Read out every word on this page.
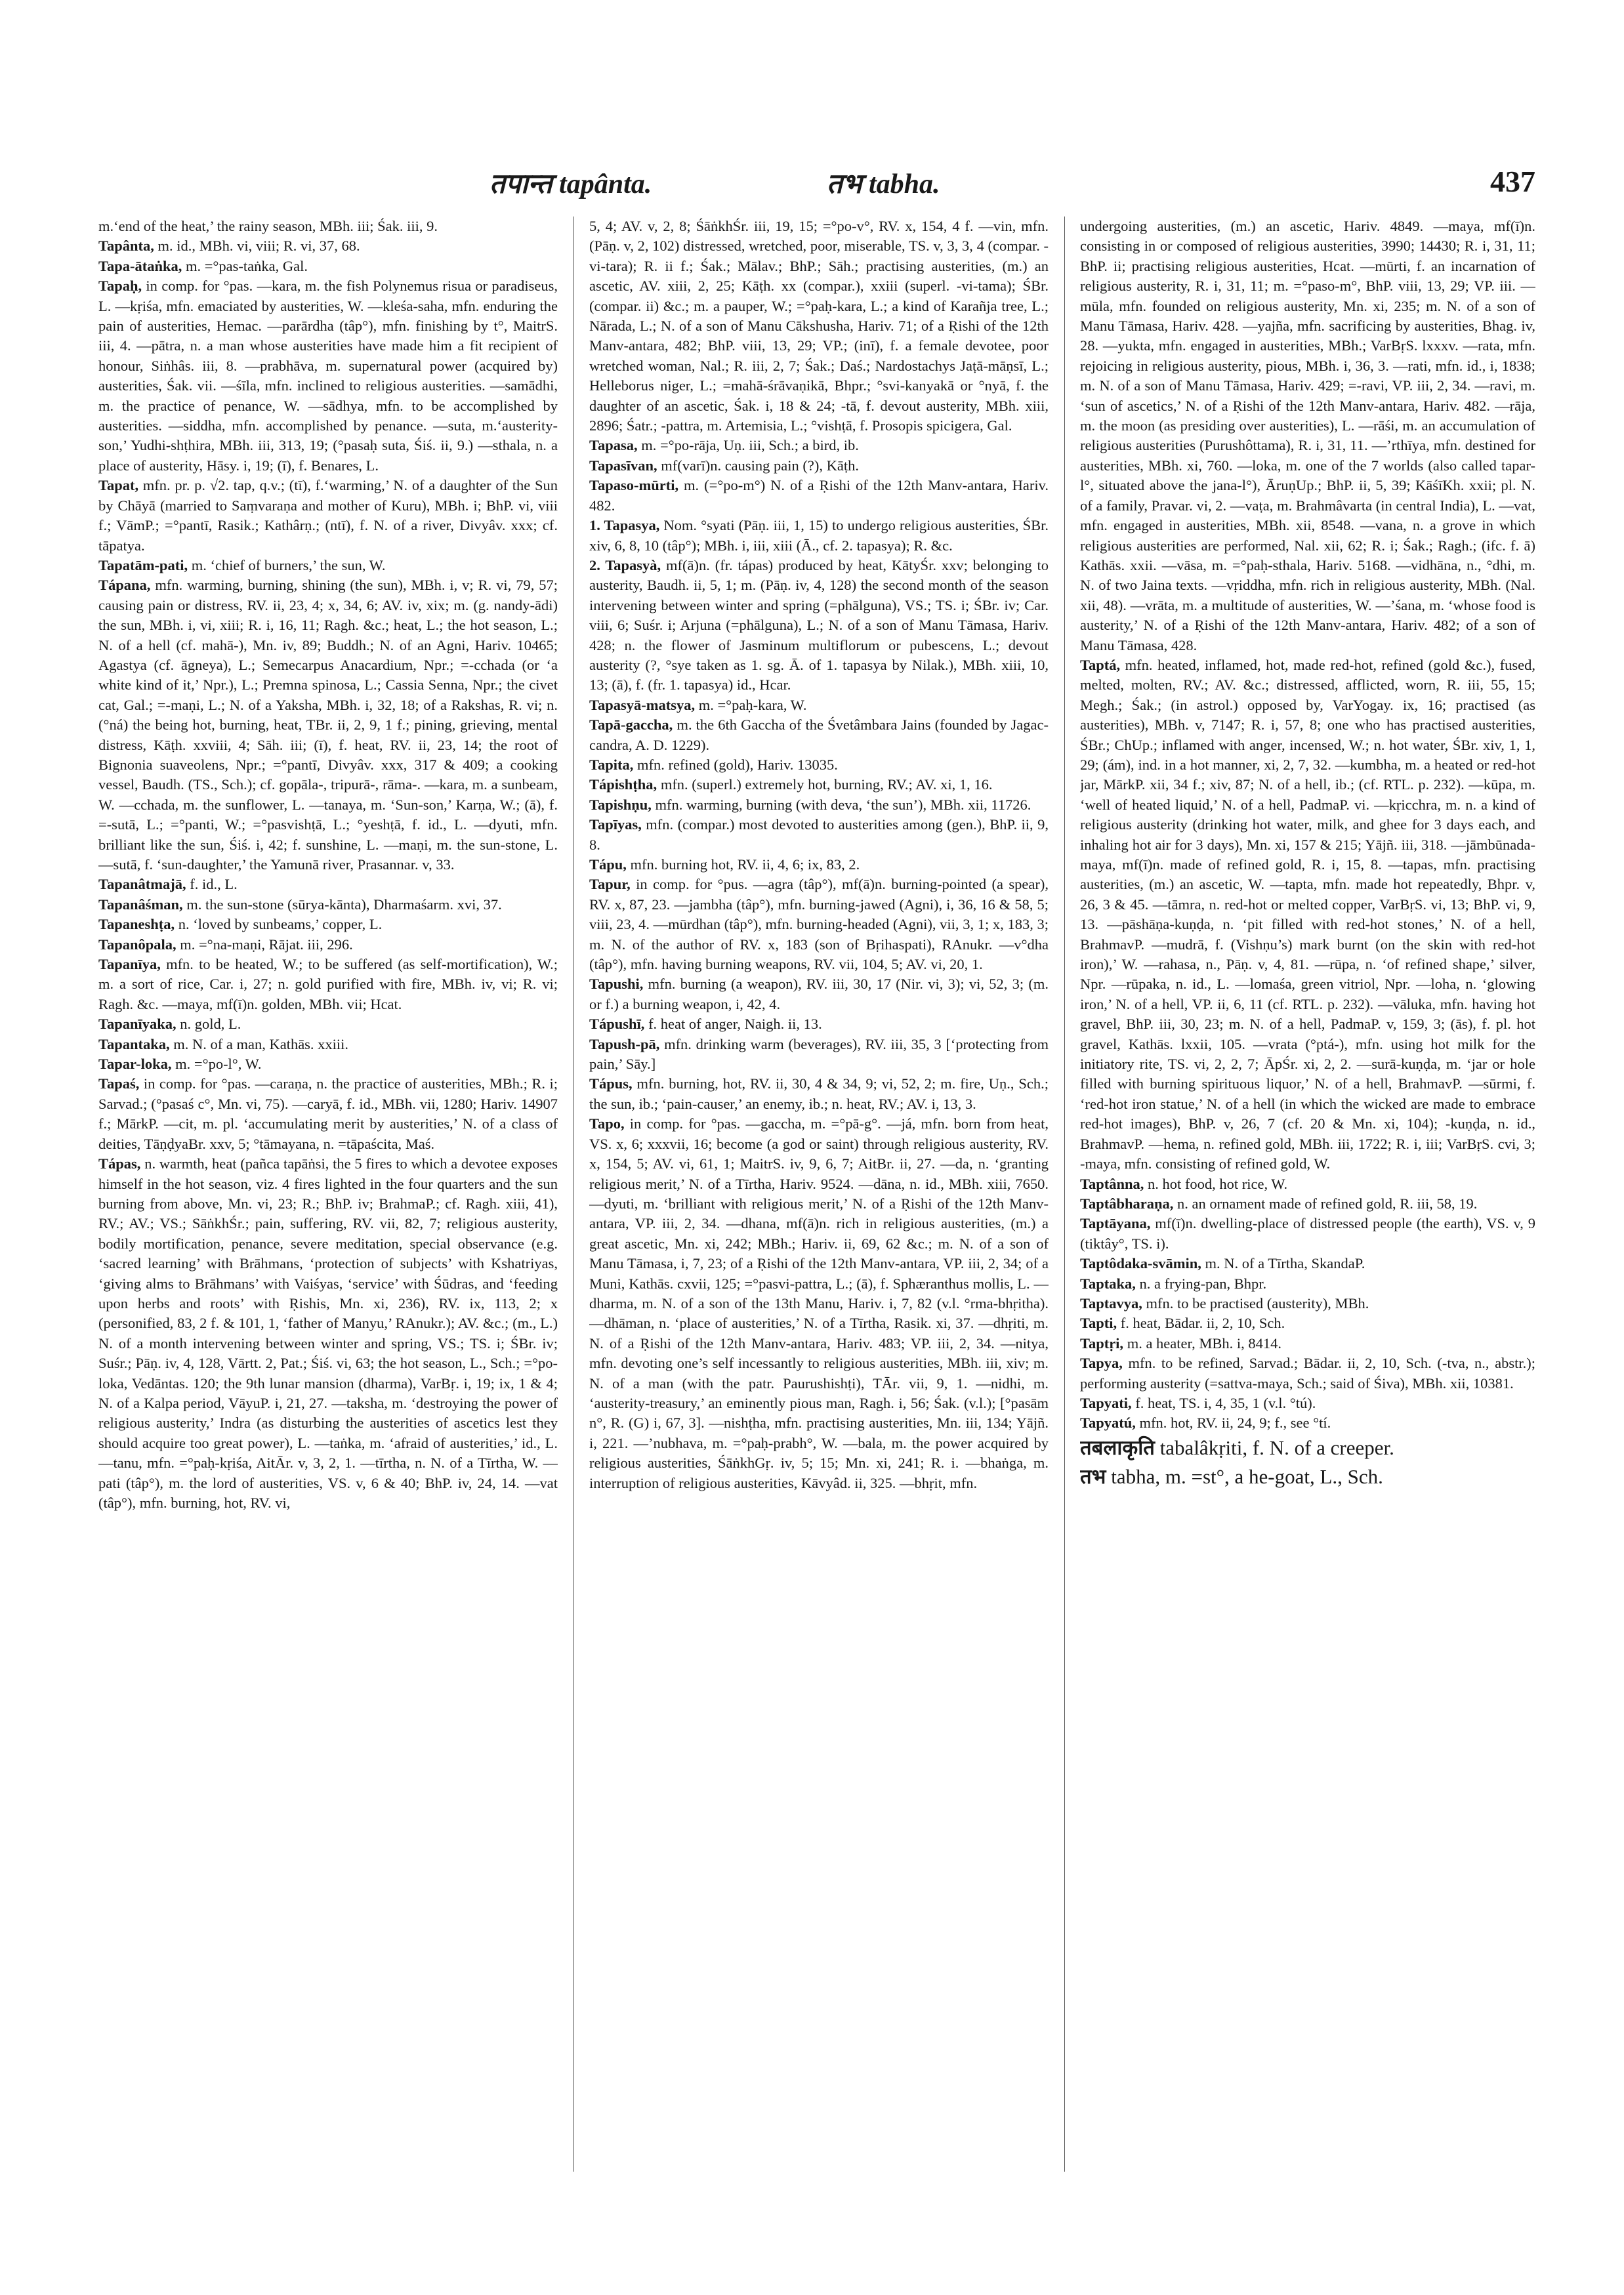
तपान्त tapânta.	तभ tabha.	437

m.‘end of the heat,’ the rainy season, MBh. iii; Śak. iii, 9.

Tapânta, m. id., MBh. vi, viii; R. vi, 37, 68.

Tapa-ātaṅka, m. =°pas-taṅka, Gal.

Tapaḥ, in comp. for °pas. —kara, m. the fish Polynemus risua or paradiseus, L. —kṛiśa, mfn. emaciated by austerities, W. —kleśa-saha, mfn. enduring the pain of austerities, Hemac. —parārdha (tâp°), mfn. finishing by t°, MaitrS. iii, 4. —pātra, n. a man whose austerities have made him a fit recipient of honour, Siṅhâs. iii, 8. —prabhāva, m. supernatural power (acquired by) austerities, Śak. vii. —śīla, mfn. inclined to religious austerities. —samādhi, m. the practice of penance, W. —sādhya, mfn. to be accomplished by austerities. —siddha, mfn. accomplished by penance. —suta, m.‘austerity-son,’ Yudhi-shṭhira, MBh. iii, 313, 19; (°pasaḥ suta, Śiś. ii, 9.) —sthala, n. a place of austerity, Hāsy. i, 19; (ī), f. Benares, L.

Tapat, mfn. pr. p. √2. tap, q.v.; (tī), f.‘warming,’ N. of a daughter of the Sun by Chāyā (married to Saṃvaraṇa and mother of Kuru), MBh. i; BhP. vi, viii f.; VāmP.; =°pantī, Rasik.; Kathârṇ.; (ntī), f. N. of a river, Divyâv. xxx; cf. tāpatya.

Tapatām-pati, m. ‘chief of burners,’ the sun, W.

Tápana, mfn. warming, burning, shining (the sun), MBh. i, v; R. vi, 79, 57; causing pain or distress, RV. ii, 23, 4; x, 34, 6; AV. iv, xix; m. (g. nandy-ādi) the sun, MBh. i, vi, xiii; R. i, 16, 11; Ragh. &c.; heat, L.; the hot season, L.; N. of a hell (cf. mahā-), Mn. iv, 89; Buddh.; N. of an Agni, Hariv. 10465; Agastya (cf. āgneya), L.; Semecarpus Anacardium, Npr.; =-cchada (or ‘a white kind of it,’ Npr.), L.; Premna spinosa, L.; Cassia Senna, Npr.; the civet cat, Gal.; =-maṇi, L.; N. of a Yaksha, MBh. i, 32, 18; of a Rakshas, R. vi; n. (°ná) the being hot, burning, heat, TBr. ii, 2, 9, 1 f.; pining, grieving, mental distress, Kāṭh. xxviii, 4; Sāh. iii; (ī), f. heat, RV. ii, 23, 14; the root of Bignonia suaveolens, Npr.; =°pantī, Divyâv. xxx, 317 & 409; a cooking vessel, Baudh. (TS., Sch.); cf. gopāla-, tripurā-, rāma-. —kara, m. a sunbeam, W. —cchada, m. the sunflower, L. —tanaya, m. ‘Sun-son,’ Karṇa, W.; (ā), f. =-sutā, L.; =°panti, W.; =°pasvishṭā, L.; °yeshṭā, f. id., L. —dyuti, mfn. brilliant like the sun, Śiś. i, 42; f. sunshine, L. —maṇi, m. the sun-stone, L. —sutā, f. ‘sun-daughter,’ the Yamunā river, Prasannar. v, 33.

Tapanâtmajā, f. id., L.

Tapanâśman, m. the sun-stone (sūrya-kānta), Dharmaśarm. xvi, 37.

Tapaneshṭa, n. ‘loved by sunbeams,’ copper, L.

Tapanôpala, m. =°na-maṇi, Rājat. iii, 296.

Tapanīya, mfn. to be heated, W.; to be suffered (as self-mortification), W.; m. a sort of rice, Car. i, 27; n. gold purified with fire, MBh. iv, vi; R. vi; Ragh. &c. —maya, mf(ī)n. golden, MBh. vii; Hcat.

Tapanīyaka, n. gold, L.

Tapantaka, m. N. of a man, Kathās. xxiii.

Tapar-loka, m. =°po-l°, W.

Tapaś, in comp. for °pas. —caraṇa, n. the practice of austerities, MBh.; R. i; Sarvad.; (°pasaś c°, Mn. vi, 75). —caryā, f. id., MBh. vii, 1280; Hariv. 14907 f.; MārkP. —cit, m. pl. ‘accumulating merit by austerities,’ N. of a class of deities, TāṇḍyaBr. xxv, 5; °tāmayana, n. =tāpaścita, Maś.

Tápas, n. warmth, heat (pañca tapāṅsi, the 5 fires to which a devotee exposes himself in the hot season, viz. 4 fires lighted in the four quarters and the sun burning from above, Mn. vi, 23; R.; BhP. iv; BrahmaP.; cf. Ragh. xiii, 41), RV.; AV.; VS.; SāṅkhŚr.; pain, suffering, RV. vii, 82, 7; religious austerity, bodily mortification, penance, severe meditation, special observance (e.g. ‘sacred learning’ with Brāhmans, ‘protection of subjects’ with Kshatriyas, ‘giving alms to Brāhmans’ with Vaiśyas, ‘service’ with Śūdras, and ‘feeding upon herbs and roots’ with Ṛishis, Mn. xi, 236), RV. ix, 113, 2; x (personified, 83, 2 f. & 101, 1, ‘father of Manyu,’ RAnukr.); AV. &c.; (m., L.) N. of a month intervening between winter and spring, VS.; TS. i; ŚBr. iv; Suśr.; Pāṇ. iv, 4, 128, Vārtt. 2, Pat.; Śiś. vi, 63; the hot season, L., Sch.; =°po-loka, Vedāntas. 120; the 9th lunar mansion (dharma), VarBṛ. i, 19; ix, 1 & 4; N. of a Kalpa period, VāyuP. i, 21, 27. —taksha, m. ‘destroying the power of religious austerity,’ Indra (as disturbing the austerities of ascetics lest they should acquire too great power), L. —taṅka, m. ‘afraid of austerities,’ id., L. —tanu, mfn. =°paḥ-kṛiśa, AitĀr. v, 3, 2, 1. —tīrtha, n. N. of a Tīrtha, W. —pati (tâp°), m. the lord of austerities, VS. v, 6 & 40; BhP. iv, 24, 14. —vat (tâp°), mfn. burning, hot, RV. vi,

5, 4; AV. v, 2, 8; ŚāṅkhŚr. iii, 19, 15; =°po-v°, RV. x, 154, 4 f. —vin, mfn. (Pāṇ. v, 2, 102) distressed, wretched, poor, miserable, TS. v, 3, 3, 4 (compar. -vi-tara); R. ii f.; Śak.; Mālav.; BhP.; Sāh.; practising austerities, (m.) an ascetic, AV. xiii, 2, 25; Kāṭh. xx (compar.), xxiii (superl. -vi-tama); ŚBr. (compar. ii) &c.; m. a pauper, W.; =°paḥ-kara, L.; a kind of Karañja tree, L.; Nārada, L.; N. of a son of Manu Cākshusha, Hariv. 71; of a Ṛishi of the 12th Manv-antara, 482; BhP. viii, 13, 29; VP.; (inī), f. a female devotee, poor wretched woman, Nal.; R. iii, 2, 7; Śak.; Daś.; Nardostachys Jaṭā-māṇsī, L.; Helleborus niger, L.; =mahā-śrāvaṇikā, Bhpr.; °svi-kanyakā or °nyā, f. the daughter of an ascetic, Śak. i, 18 & 24; -tā, f. devout austerity, MBh. xiii, 2896; Śatr.; -pattra, m. Artemisia, L.; °vishṭā, f. Prosopis spicigera, Gal.

Tapasa, m. =°po-rāja, Uṇ. iii, Sch.; a bird, ib.

Tapasīvan, mf(varī)n. causing pain (?), Kāṭh.

Tapaso-mūrti, m. (=°po-m°) N. of a Ṛishi of the 12th Manv-antara, Hariv. 482.

1. Tapasya, Nom. °syati (Pāṇ. iii, 1, 15) to undergo religious austerities, ŚBr. xiv, 6, 8, 10 (tâp°); MBh. i, iii, xiii (Ā., cf. 2. tapasya); R. &c.

2. Tapasyà, mf(ā)n. (fr. tápas) produced by heat, KātyŚr. xxv; belonging to austerity, Baudh. ii, 5, 1; m. (Pāṇ. iv, 4, 128) the second month of the season intervening between winter and spring (=phālguna), VS.; TS. i; ŚBr. iv; Car. viii, 6; Suśr. i; Arjuna (=phālguna), L.; N. of a son of Manu Tāmasa, Hariv. 428; n. the flower of Jasminum multiflorum or pubescens, L.; devout austerity (?, °sye taken as 1. sg. Ā. of 1. tapasya by Nilak.), MBh. xiii, 10, 13; (ā), f. (fr. 1. tapasya) id., Hcar.

Tapasyā-matsya, m. =°paḥ-kara, W.

Tapā-gaccha, m. the 6th Gaccha of the Śvetâmbara Jains (founded by Jagac-candra, A. D. 1229).

Tapita, mfn. refined (gold), Hariv. 13035.

Tápishṭha, mfn. (superl.) extremely hot, burning, RV.; AV. xi, 1, 16.

Tapishṇu, mfn. warming, burning (with deva, ‘the sun’), MBh. xii, 11726.

Tapīyas, mfn. (compar.) most devoted to austerities among (gen.), BhP. ii, 9, 8.

Tápu, mfn. burning hot, RV. ii, 4, 6; ix, 83, 2.

Tapur, in comp. for °pus. —agra (tâp°), mf(ā)n. burning-pointed (a spear), RV. x, 87, 23. —jambha (tâp°), mfn. burning-jawed (Agni), i, 36, 16 & 58, 5; viii, 23, 4. —mūrdhan (tâp°), mfn. burning-headed (Agni), vii, 3, 1; x, 183, 3; m. N. of the author of RV. x, 183 (son of Bṛihaspati), RAnukr. —v°dha (tâp°), mfn. having burning weapons, RV. vii, 104, 5; AV. vi, 20, 1.

Tapushi, mfn. burning (a weapon), RV. iii, 30, 17 (Nir. vi, 3); vi, 52, 3; (m. or f.) a burning weapon, i, 42, 4.

Tápushī, f. heat of anger, Naigh. ii, 13.

Tapush-pā, mfn. drinking warm (beverages), RV. iii, 35, 3 [‘protecting from pain,’ Sāy.]

Tápus, mfn. burning, hot, RV. ii, 30, 4 & 34, 9; vi, 52, 2; m. fire, Uṇ., Sch.; the sun, ib.; ‘pain-causer,’ an enemy, ib.; n. heat, RV.; AV. i, 13, 3.

Tapo, in comp. for °pas. —gaccha, m. =°pā-g°. —já, mfn. born from heat, VS. x, 6; xxxvii, 16; become (a god or saint) through religious austerity, RV. x, 154, 5; AV. vi, 61, 1; MaitrS. iv, 9, 6, 7; AitBr. ii, 27. —da, n. ‘granting religious merit,’ N. of a Tīrtha, Hariv. 9524. —dāna, n. id., MBh. xiii, 7650. —dyuti, m. ‘brilliant with religious merit,’ N. of a Ṛishi of the 12th Manv-antara, VP. iii, 2, 34. —dhana, mf(ā)n. rich in religious austerities, (m.) a great ascetic, Mn. xi, 242; MBh.; Hariv. ii, 69, 62 &c.; m. N. of a son of Manu Tāmasa, i, 7, 23; of a Ṛishi of the 12th Manv-antara, VP. iii, 2, 34; of a Muni, Kathās. cxvii, 125; =°pasvi-pattra, L.; (ā), f. Sphæranthus mollis, L. —dharma, m. N. of a son of the 13th Manu, Hariv. i, 7, 82 (v.l. °rma-bhṛitha). —dhāman, n. ‘place of austerities,’ N. of a Tīrtha, Rasik. xi, 37. —dhṛiti, m. N. of a Ṛishi of the 12th Manv-antara, Hariv. 483; VP. iii, 2, 34. —nitya, mfn. devoting one’s self incessantly to religious austerities, MBh. iii, xiv; m. N. of a man (with the patr. Paurushishṭi), TĀr. vii, 9, 1. —nidhi, m. ‘austerity-treasury,’ an eminently pious man, Ragh. i, 56; Śak. (v.l.); [°pasām n°, R. (G) i, 67, 3]. —nishṭha, mfn. practising austerities, Mn. iii, 134; Yājñ. i, 221. —’nubhava, m. =°paḥ-prabh°, W. —bala, m. the power acquired by religious austerities, ŚāṅkhGṛ. iv, 5; 15; Mn. xi, 241; R. i. —bhaṅga, m. interruption of religious austerities, Kāvyâd. ii, 325. —bhṛit, mfn.

undergoing austerities, (m.) an ascetic, Hariv. 4849. —maya, mf(ī)n. consisting in or composed of religious austerities, 3990; 14430; R. i, 31, 11; BhP. ii; practising religious austerities, Hcat. —mūrti, f. an incarnation of religious austerity, R. i, 31, 11; m. =°paso-m°, BhP. viii, 13, 29; VP. iii. —mūla, mfn. founded on religious austerity, Mn. xi, 235; m. N. of a son of Manu Tāmasa, Hariv. 428. —yajña, mfn. sacrificing by austerities, Bhag. iv, 28. —yukta, mfn. engaged in austerities, MBh.; VarBṛS. lxxxv. —rata, mfn. rejoicing in religious austerity, pious, MBh. i, 36, 3. —rati, mfn. id., i, 1838; m. N. of a son of Manu Tāmasa, Hariv. 429; =-ravi, VP. iii, 2, 34. —ravi, m. ‘sun of ascetics,’ N. of a Ṛishi of the 12th Manv-antara, Hariv. 482. —rāja, m. the moon (as presiding over austerities), L. —rāśi, m. an accumulation of religious austerities (Purushôttama), R. i, 31, 11. —’rthīya, mfn. destined for austerities, MBh. xi, 760. —loka, m. one of the 7 worlds (also called tapar-l°, situated above the jana-l°), ĀruṇUp.; BhP. ii, 5, 39; KāśīKh. xxii; pl. N. of a family, Pravar. vi, 2. —vaṭa, m. Brahmâvarta (in central India), L. —vat, mfn. engaged in austerities, MBh. xii, 8548. —vana, n. a grove in which religious austerities are performed, Nal. xii, 62; R. i; Śak.; Ragh.; (ifc. f. ā) Kathās. xxii. —vāsa, m. =°paḥ-sthala, Hariv. 5168. —vidhāna, n., °dhi, m. N. of two Jaina texts. —vṛiddha, mfn. rich in religious austerity, MBh. (Nal. xii, 48). —vrāta, m. a multitude of austerities, W. —’śana, m. ‘whose food is austerity,’ N. of a Ṛishi of the 12th Manv-antara, Hariv. 482; of a son of Manu Tāmasa, 428.

Taptá, mfn. heated, inflamed, hot, made red-hot, refined (gold &c.), fused, melted, molten, RV.; AV. &c.; distressed, afflicted, worn, R. iii, 55, 15; Megh.; Śak.; (in astrol.) opposed by, VarYogay. ix, 16; practised (as austerities), MBh. v, 7147; R. i, 57, 8; one who has practised austerities, ŚBr.; ChUp.; inflamed with anger, incensed, W.; n. hot water, ŚBr. xiv, 1, 1, 29; (ám), ind. in a hot manner, xi, 2, 7, 32. —kumbha, m. a heated or red-hot jar, MārkP. xii, 34 f.; xiv, 87; N. of a hell, ib.; (cf. RTL. p. 232). —kūpa, m. ‘well of heated liquid,’ N. of a hell, PadmaP. vi. —kṛicchra, m. n. a kind of religious austerity (drinking hot water, milk, and ghee for 3 days each, and inhaling hot air for 3 days), Mn. xi, 157 & 215; Yājñ. iii, 318. —jāmbūnada-maya, mf(ī)n. made of refined gold, R. i, 15, 8. —tapas, mfn. practising austerities, (m.) an ascetic, W. —tapta, mfn. made hot repeatedly, Bhpr. v, 26, 3 & 45. —tāmra, n. red-hot or melted copper, VarBṛS. vi, 13; BhP. vi, 9, 13. —pāshāṇa-kuṇḍa, n. ‘pit filled with red-hot stones,’ N. of a hell, BrahmavP. —mudrā, f. (Vishṇu’s) mark burnt (on the skin with red-hot iron),’ W. —rahasa, n., Pāṇ. v, 4, 81. —rūpa, n. ‘of refined shape,’ silver, Npr. —rūpaka, n. id., L. —lomaśa, green vitriol, Npr. —loha, n. ‘glowing iron,’ N. of a hell, VP. ii, 6, 11 (cf. RTL. p. 232). —vāluka, mfn. having hot gravel, BhP. iii, 30, 23; m. N. of a hell, PadmaP. v, 159, 3; (ās), f. pl. hot gravel, Kathās. lxxii, 105. —vrata (°ptá-), mfn. using hot milk for the initiatory rite, TS. vi, 2, 2, 7; ĀpŚr. xi, 2, 2. —surā-kuṇḍa, m. ‘jar or hole filled with burning spirituous liquor,’ N. of a hell, BrahmavP. —sūrmi, f. ‘red-hot iron statue,’ N. of a hell (in which the wicked are made to embrace red-hot images), BhP. v, 26, 7 (cf. 20 & Mn. xi, 104); -kuṇḍa, n. id., BrahmavP. —hema, n. refined gold, MBh. iii, 1722; R. i, iii; VarBṛS. cvi, 3; -maya, mfn. consisting of refined gold, W.

Taptânna, n. hot food, hot rice, W.

Taptâbharaṇa, n. an ornament made of refined gold, R. iii, 58, 19.

Taptāyana, mf(ī)n. dwelling-place of distressed people (the earth), VS. v, 9 (tiktây°, TS. i).

Taptôdaka-svāmin, m. N. of a Tīrtha, SkandaP.

Taptaka, n. a frying-pan, Bhpr.

Taptavya, mfn. to be practised (austerity), MBh.

Tapti, f. heat, Bādar. ii, 2, 10, Sch.

Taptṛi, m. a heater, MBh. i, 8414.

Tapya, mfn. to be refined, Sarvad.; Bādar. ii, 2, 10, Sch. (-tva, n., abstr.); performing austerity (=sattva-maya, Sch.; said of Śiva), MBh. xii, 10381.

Tapyati, f. heat, TS. i, 4, 35, 1 (v.l. °tú).

Tapyatú, mfn. hot, RV. ii, 24, 9; f., see °tí.

तबलाकृति tabalâkṛiti, f. N. of a creeper.

तभ tabha, m. =st°, a he-goat, L., Sch.
